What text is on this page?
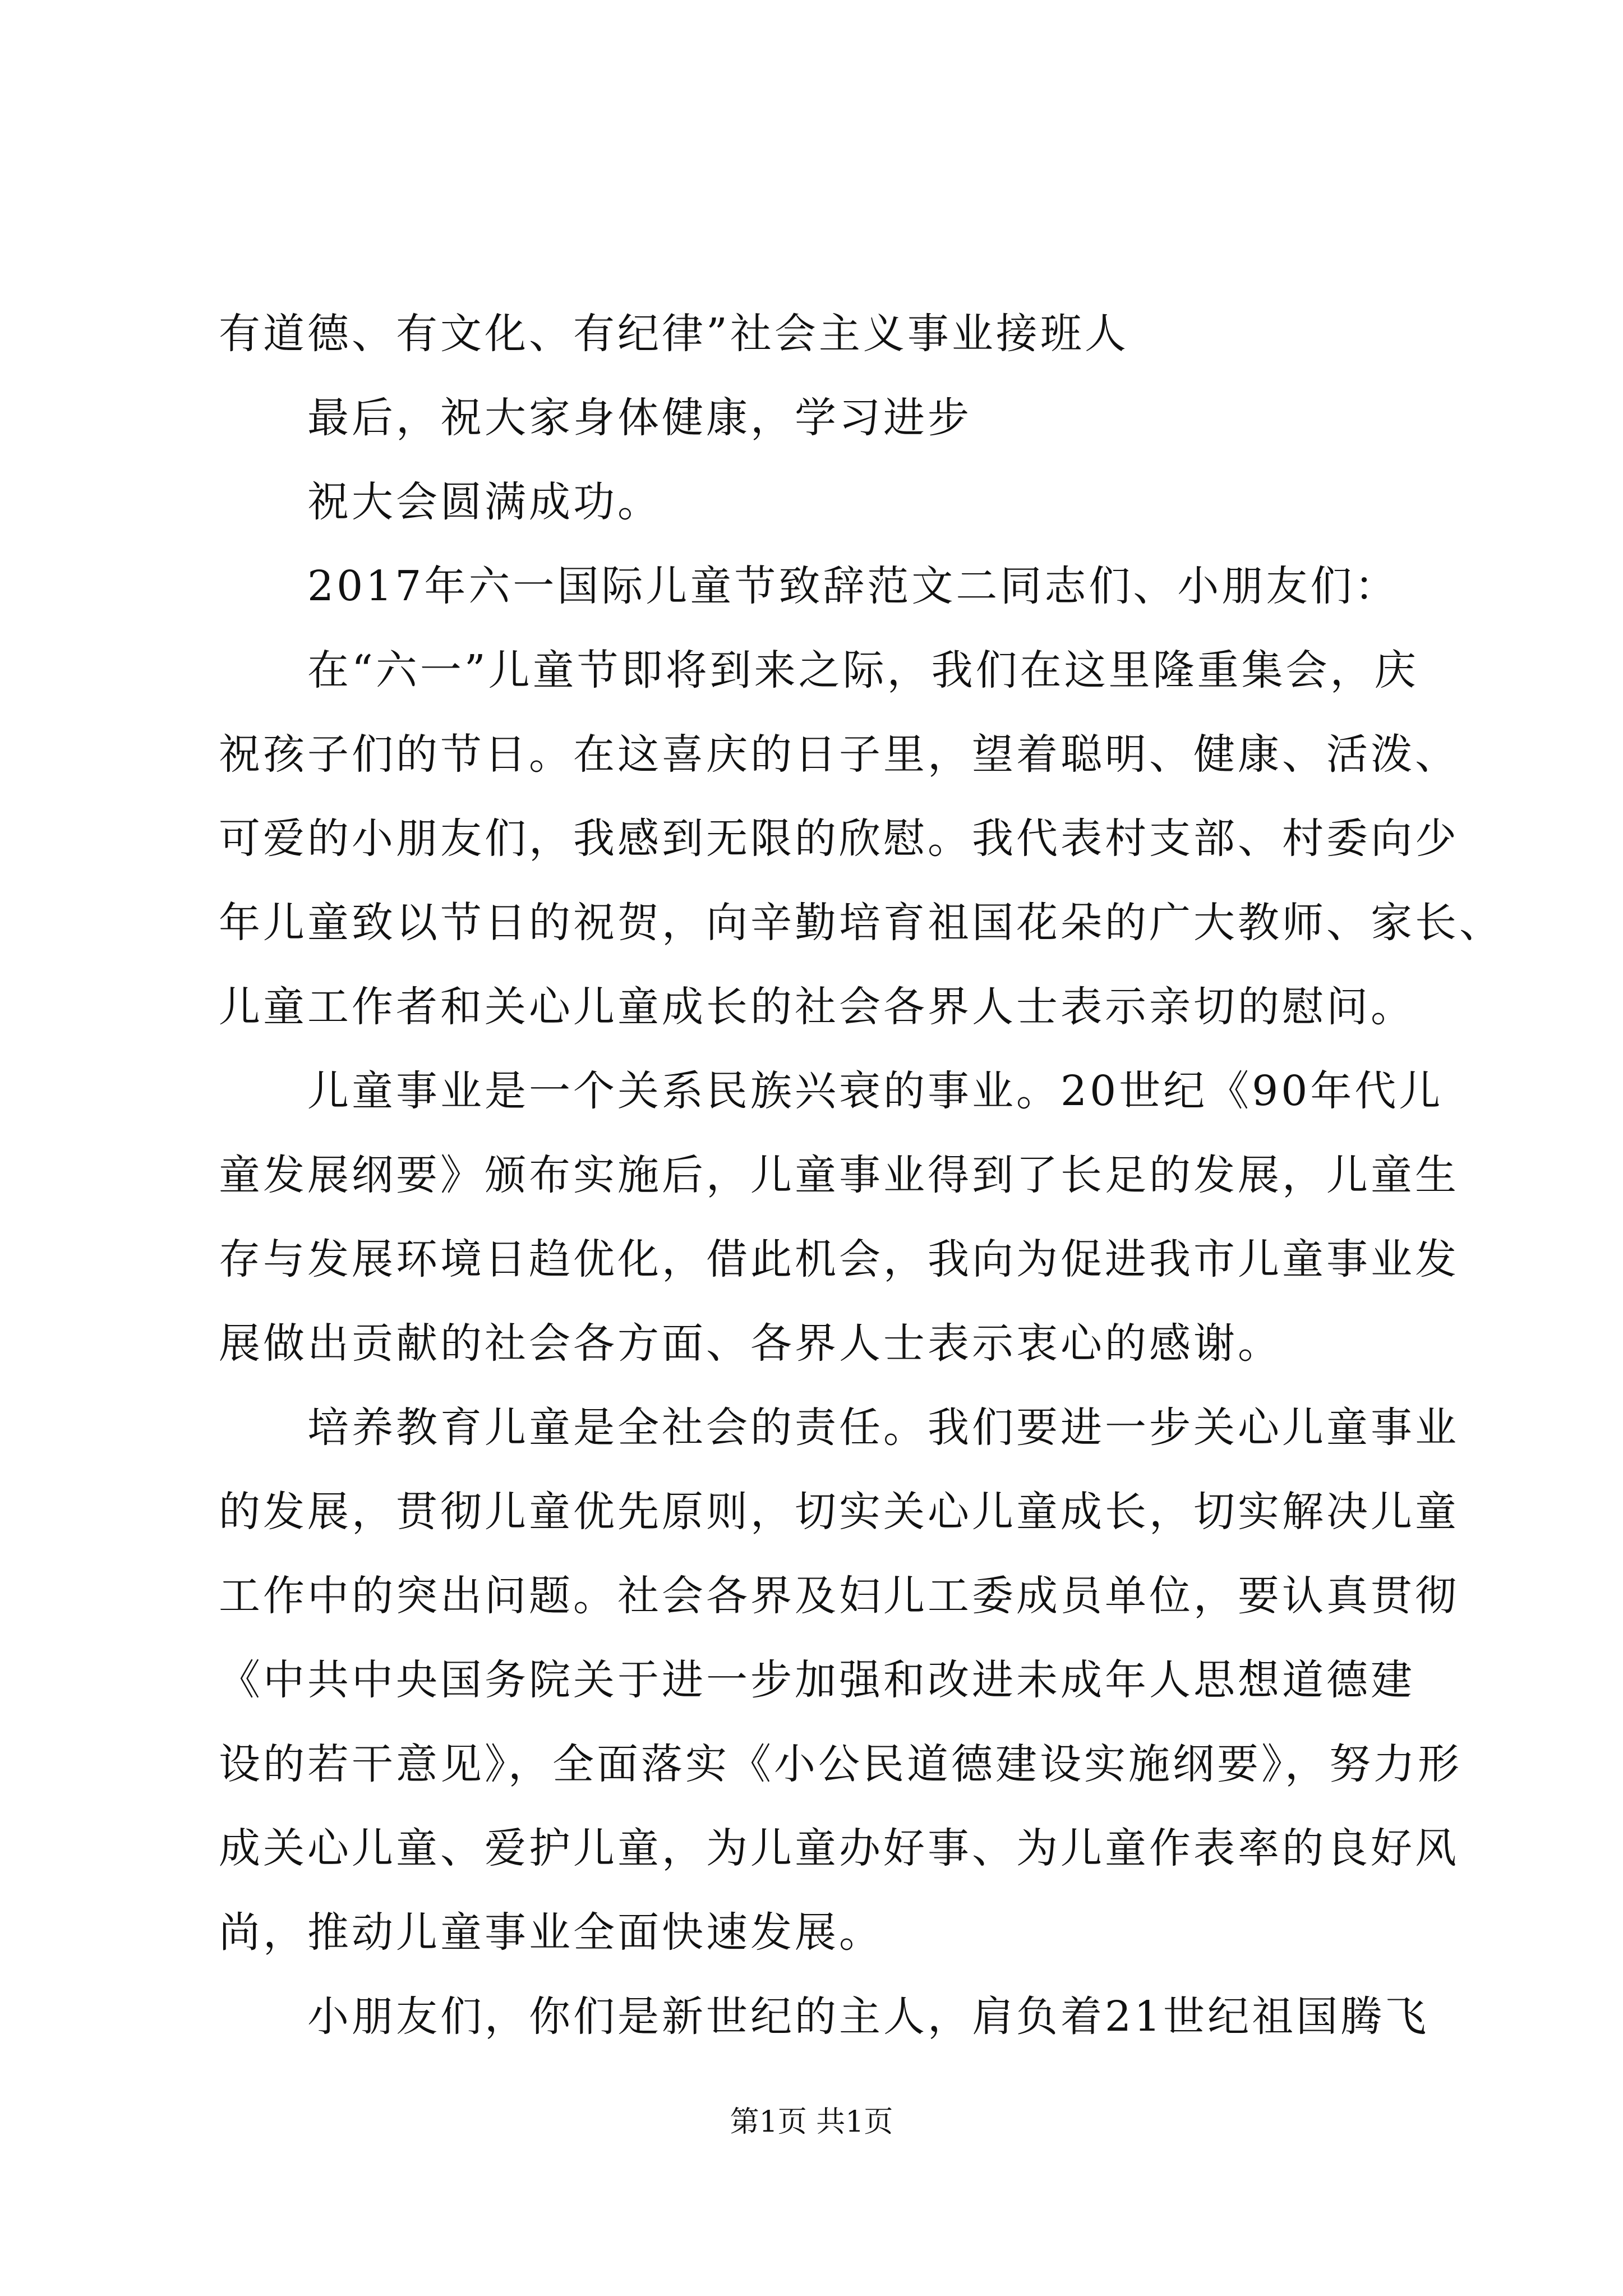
有道德、有文化、有纪律”社会主义事业接班人
最后，祝大家身体健康，学习进步
祝大会圆满成功。
2017年六一国际儿童节致辞范文二同志们、小朋友们：
在“六一”儿童节即将到来之际，我们在这里隆重集会，庆
祝孩子们的节日。在这喜庆的日子里，望着聪明、健康、活泼、
可爱的小朋友们，我感到无限的欣慰。我代表村支部、村委向少
年儿童致以节日的祝贺，向辛勤培育祖国花朵的广大教师、家长、
儿童工作者和关心儿童成长的社会各界人士表示亲切的慰问。
儿童事业是一个关系民族兴衰的事业。20世纪《90年代儿
童发展纲要》颁布实施后，儿童事业得到了长足的发展，儿童生
存与发展环境日趋优化，借此机会，我向为促进我市儿童事业发
展做出贡献的社会各方面、各界人士表示衷心的感谢。
培养教育儿童是全社会的责任。我们要进一步关心儿童事业
的发展，贯彻儿童优先原则，切实关心儿童成长，切实解决儿童
工作中的突出问题。社会各界及妇儿工委成员单位，要认真贯彻
《中共中央国务院关于进一步加强和改进未成年人思想道德建
设的若干意见》，全面落实《小公民道德建设实施纲要》，努力形
成关心儿童、爱护儿童，为儿童办好事、为儿童作表率的良好风
尚，推动儿童事业全面快速发展。
小朋友们，你们是新世纪的主人，肩负着21世纪祖国腾飞
第1页 共1页
